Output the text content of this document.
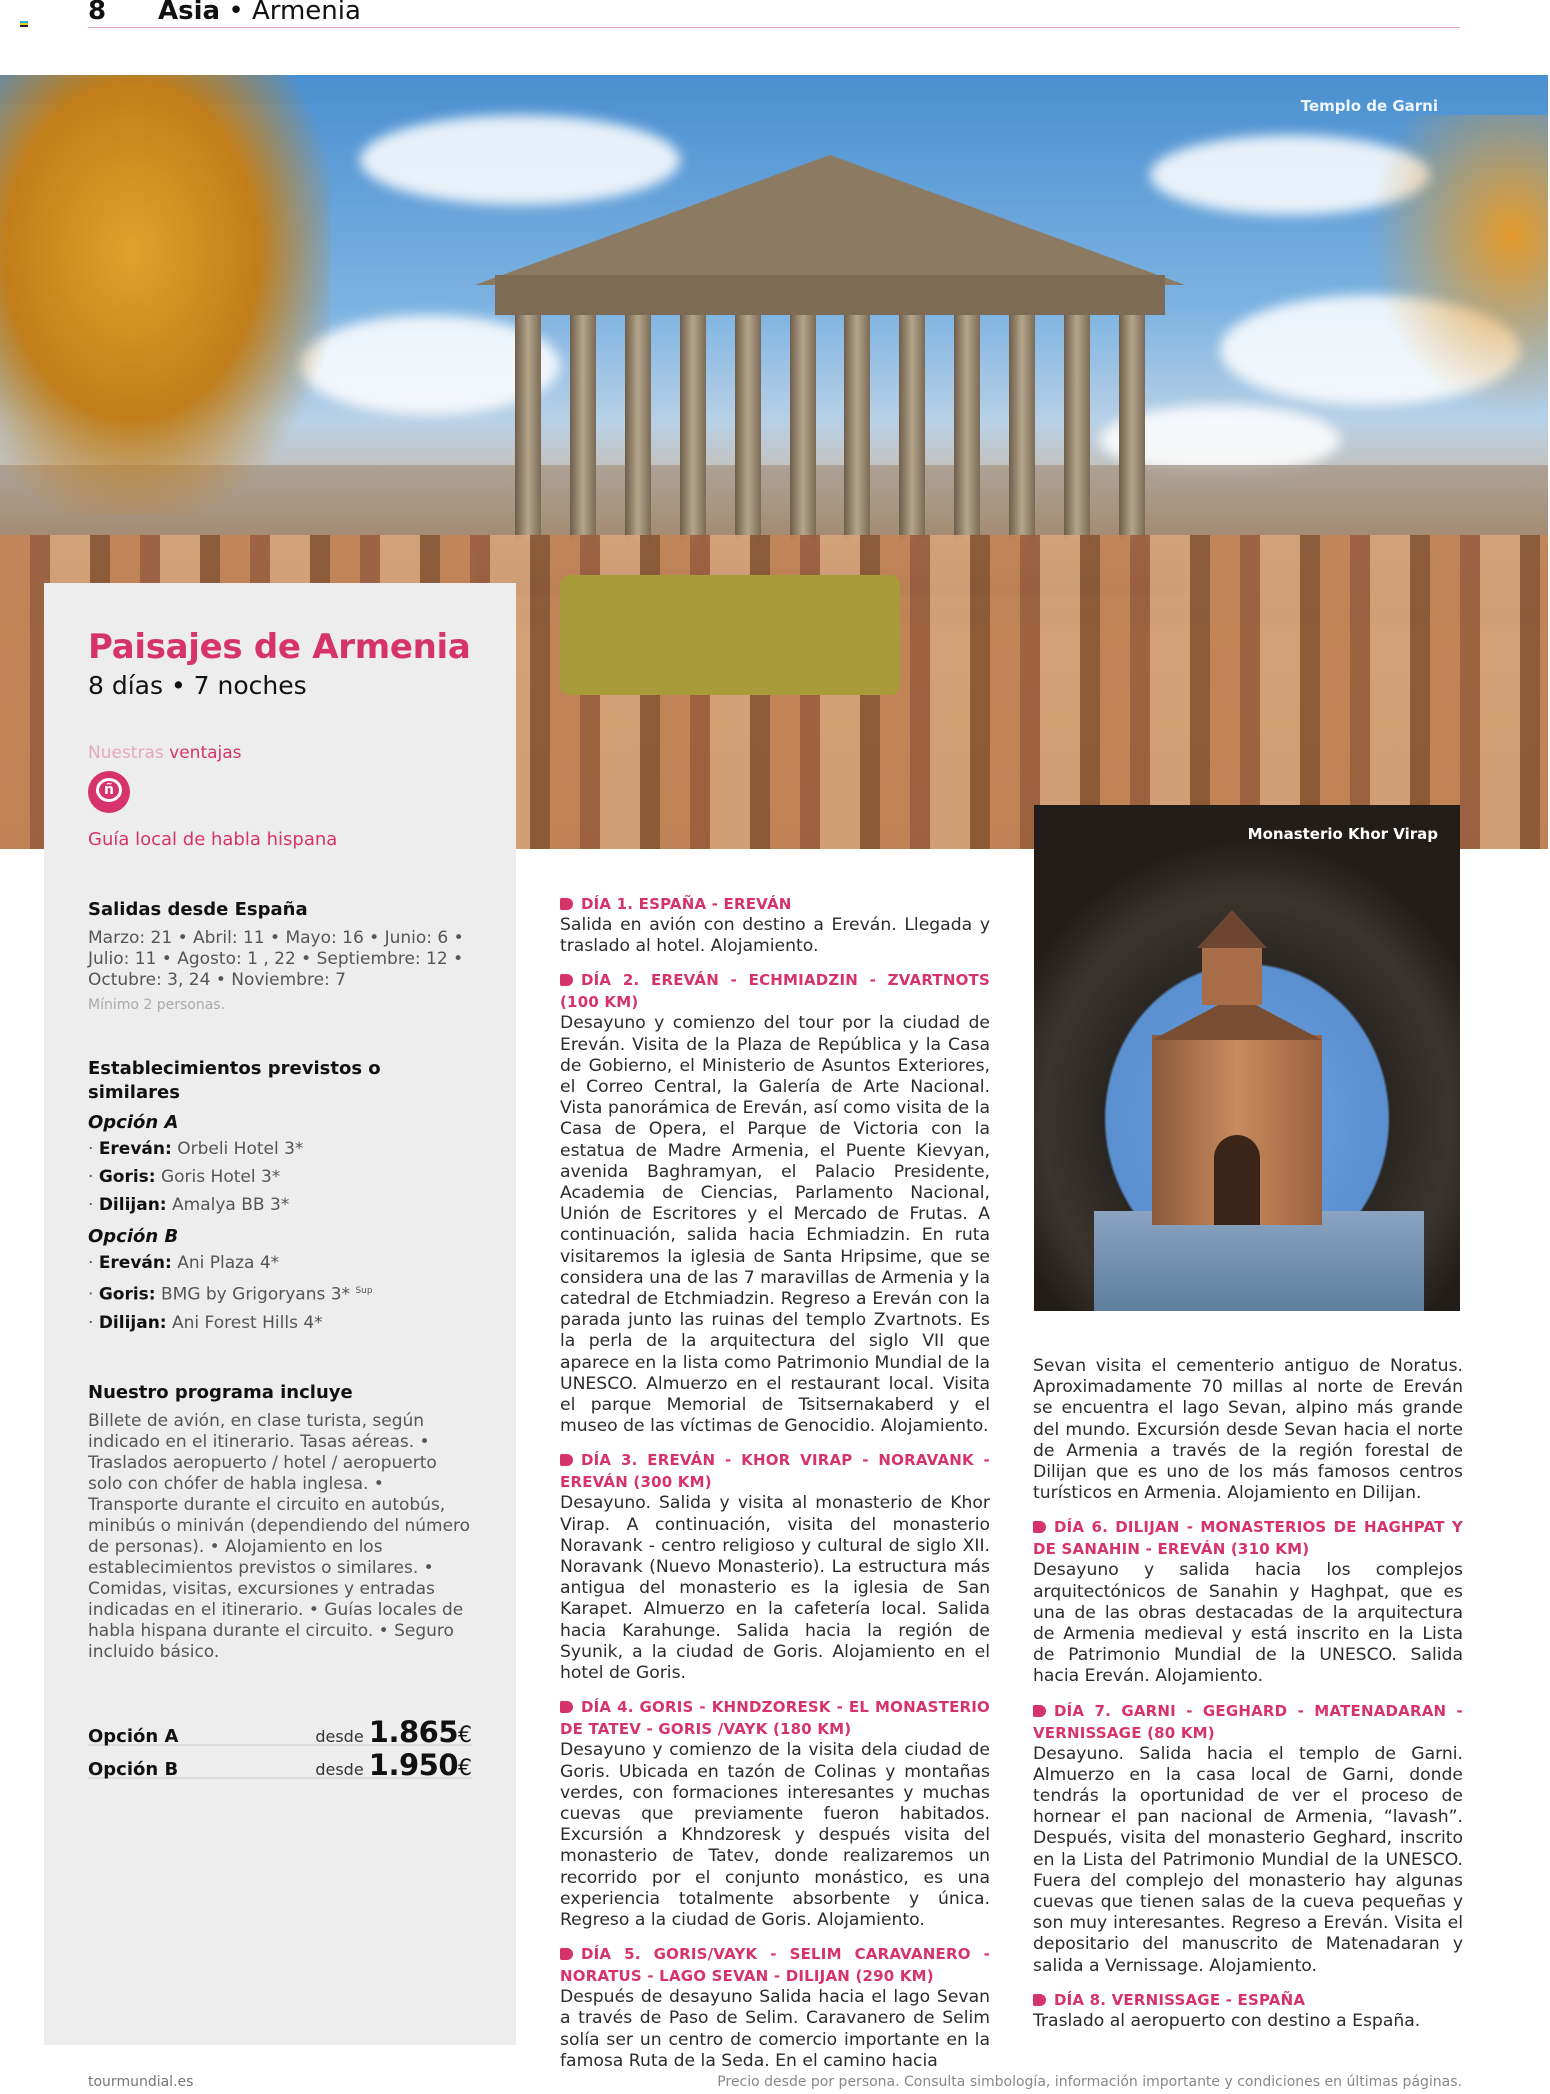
8	Asia • Armenia
Templo de Garni
Paisajes de Armenia
8 días • 7 noches
Nuestras ventajas
ñ
Guía local de habla hispana
Salidas desde España
Marzo: 21 • Abril: 11 • Mayo: 16 • Junio: 6 • Julio: 11 • Agosto: 1 , 22 • Septiembre: 12 • Octubre: 3, 24 • Noviembre: 7
Mínimo 2 personas.
Establecimientos previstos o similares
Opción A
· Ereván: Orbeli Hotel 3*
· Goris: Goris Hotel 3*
· Dilijan: Amalya BB 3*
Opción B
· Ereván: Ani Plaza 4*
· Goris: BMG by Grigoryans 3* $^{Sup}$
· Dilijan: Ani Forest Hills 4*
Nuestro programa incluye
Billete de avión, en clase turista, según indicado en el itinerario. Tasas aéreas. • Traslados aeropuerto / hotel / aeropuerto solo con chófer de habla inglesa. • Transporte durante el circuito en autobús, minibús o miniván (dependiendo del número de personas). • Alojamiento en los establecimientos previstos o similares. • Comidas, visitas, excursiones y entradas indicadas en el itinerario. • Guías locales de habla hispana durante el circuito. • Seguro incluido básico.
Opción A	desde 1.865€
Opción B	desde 1.950€
DÍA 1. ESPAÑA - EREVÁN
Salida en avión con destino a Ereván. Llegada y traslado al hotel. Alojamiento.
DÍA 2. EREVÁN - ECHMIADZIN - ZVARTNOTS (100 KM)
Desayuno y comienzo del tour por la ciudad de Ereván. Visita de la Plaza de República y la Casa de Gobierno, el Ministerio de Asuntos Exteriores, el Correo Central, la Galería de Arte Nacional. Vista panorámica de Ereván, así como visita de la Casa de Opera, el Parque de Victoria con la estatua de Madre Armenia, el Puente Kievyan, avenida Baghramyan, el Palacio Presidente, Academia de Ciencias, Parlamento Nacional, Unión de Escritores y el Mercado de Frutas. A continuación, salida hacia Echmiadzin. En ruta visitaremos la iglesia de Santa Hripsime, que se considera una de las 7 maravillas de Armenia y la catedral de Etchmiadzin. Regreso a Ereván con la parada junto las ruinas del templo Zvartnots. Es la perla de la arquitectura del siglo VII que aparece en la lista como Patrimonio Mundial de la UNESCO. Almuerzo en el restaurant local. Visita el parque Memorial de Tsitsernakaberd y el museo de las víctimas de Genocidio. Alojamiento.
DÍA 3. EREVÁN - KHOR VIRAP - NORAVANK - EREVÁN (300 KM)
Desayuno. Salida y visita al monasterio de Khor Virap. A continuación, visita del monasterio Noravank - centro religioso y cultural de siglo XII. Noravank (Nuevo Monasterio). La estructura más antigua del monasterio es la iglesia de San Karapet. Almuerzo en la cafetería local. Salida hacia Karahunge. Salida hacia la región de Syunik, a la ciudad de Goris. Alojamiento en el hotel de Goris.
DÍA 4. GORIS - KHNDZORESK - EL MONASTERIO DE TATEV - GORIS /VAYK (180 KM)
Desayuno y comienzo de la visita dela ciudad de Goris. Ubicada en tazón de Colinas y montañas verdes, con formaciones interesantes y muchas cuevas que previamente fueron habitados. Excursión a Khndzoresk y después visita del monasterio de Tatev, donde realizaremos un recorrido por el conjunto monástico, es una experiencia totalmente absorbente y única. Regreso a la ciudad de Goris. Alojamiento.
DÍA 5. GORIS/VAYK - SELIM CARAVANERO - NORATUS - LAGO SEVAN - DILIJAN (290 KM)
Después de desayuno Salida hacia el lago Sevan a través de Paso de Selim. Caravanero de Selim solía ser un centro de comercio importante en la famosa Ruta de la Seda. En el camino hacia
Monasterio Khor Virap
Sevan visita el cementerio antiguo de Noratus. Aproximadamente 70 millas al norte de Ereván se encuentra el lago Sevan, alpino más grande del mundo. Excursión desde Sevan hacia el norte de Armenia a través de la región forestal de Dilijan que es uno de los más famosos centros turísticos en Armenia. Alojamiento en Dilijan.
DÍA 6. DILIJAN - MONASTERIOS DE HAGHPAT Y DE SANAHIN - EREVÁN (310 KM)
Desayuno y salida hacia los complejos arquitectónicos de Sanahin y Haghpat, que es una de las obras destacadas de la arquitectura de Armenia medieval y está inscrito en la Lista de Patrimonio Mundial de la UNESCO. Salida hacia Ereván. Alojamiento.
DÍA 7. GARNI - GEGHARD - MATENADARAN - VERNISSAGE (80 KM)
Desayuno. Salida hacia el templo de Garni. Almuerzo en la casa local de Garni, donde tendrás la oportunidad de ver el proceso de hornear el pan nacional de Armenia, “lavash”. Después, visita del monasterio Geghard, inscrito en la Lista del Patrimonio Mundial de la UNESCO. Fuera del complejo del monasterio hay algunas cuevas que tienen salas de la cueva pequeñas y son muy interesantes. Regreso a Ereván. Visita el depositario del manuscrito de Matenadaran y salida a Vernissage. Alojamiento.
DÍA 8. VERNISSAGE - ESPAÑA
Traslado al aeropuerto con destino a España.
tourmundial.es	Precio desde por persona. Consulta simbología, información importante y condiciones en últimas páginas.
